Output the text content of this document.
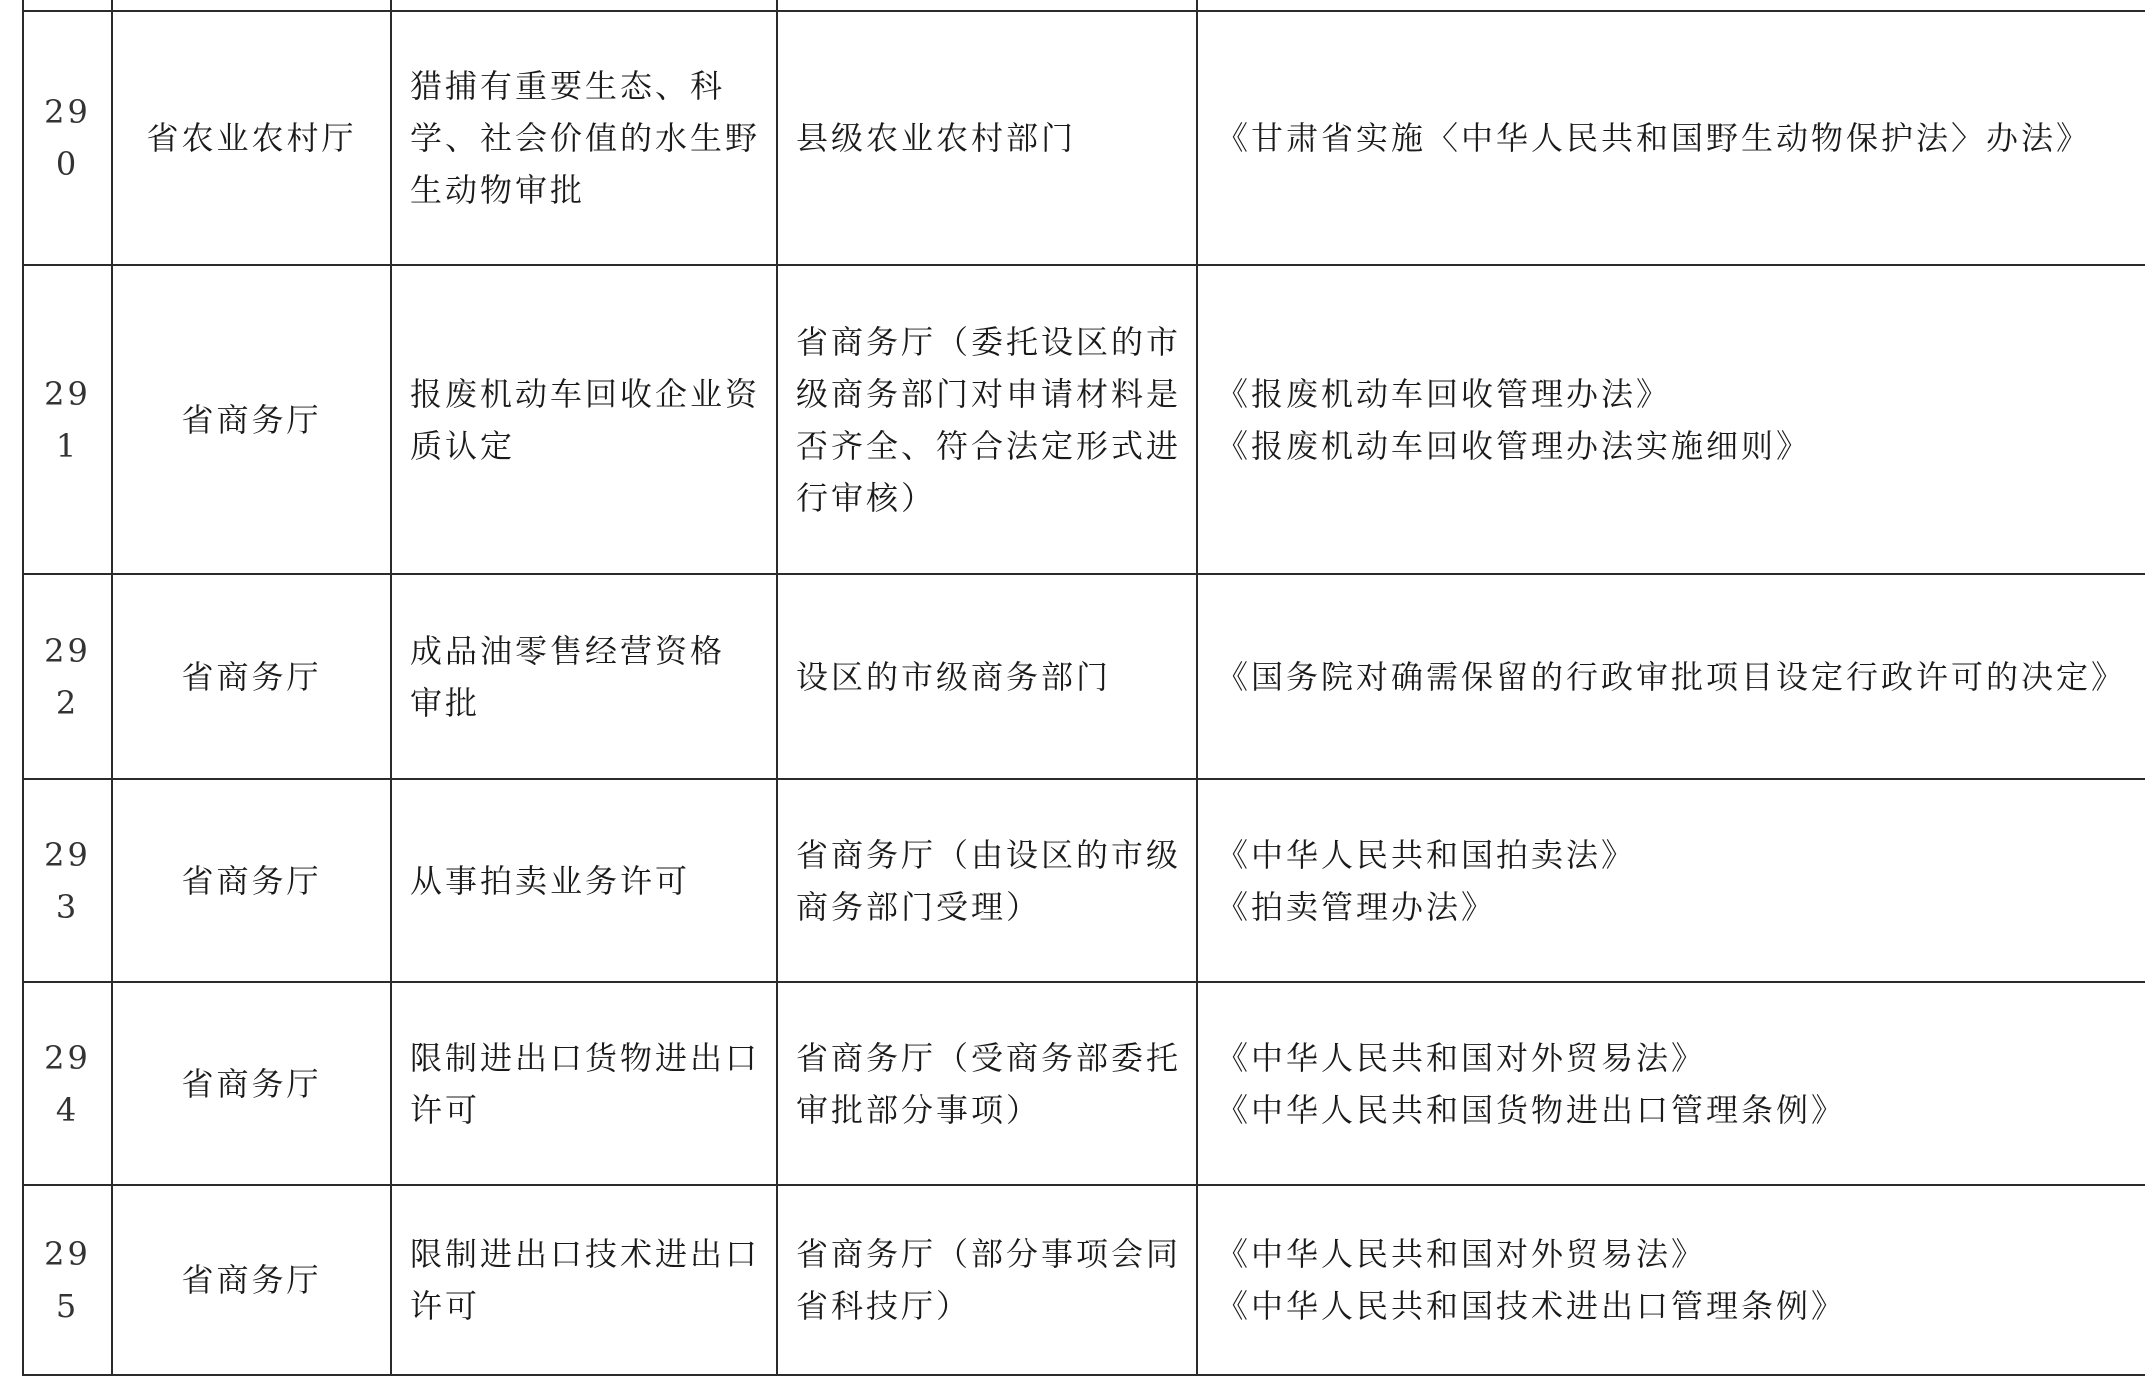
290	省农业农村厅	猎捕有重要生态、科
学、社会价值的水生野
生动物审批	县级农业农村部门	《甘肃省实施〈中华人民共和国野生动物保护法〉办法》

291	省商务厅	报废机动车回收企业资
质认定	省商务厅（委托设区的市
级商务部门对申请材料是
否齐全、符合法定形式进
行审核）	《报废机动车回收管理办法》
《报废机动车回收管理办法实施细则》

292	省商务厅	成品油零售经营资格
审批	设区的市级商务部门	《国务院对确需保留的行政审批项目设定行政许可的决定》

293	省商务厅	从事拍卖业务许可	省商务厅（由设区的市级
商务部门受理）	《中华人民共和国拍卖法》
《拍卖管理办法》

294	省商务厅	限制进出口货物进出口
许可	省商务厅（受商务部委托
审批部分事项）	《中华人民共和国对外贸易法》
《中华人民共和国货物进出口管理条例》

295	省商务厅	限制进出口技术进出口
许可	省商务厅（部分事项会同
省科技厅）	《中华人民共和国对外贸易法》
《中华人民共和国技术进出口管理条例》
